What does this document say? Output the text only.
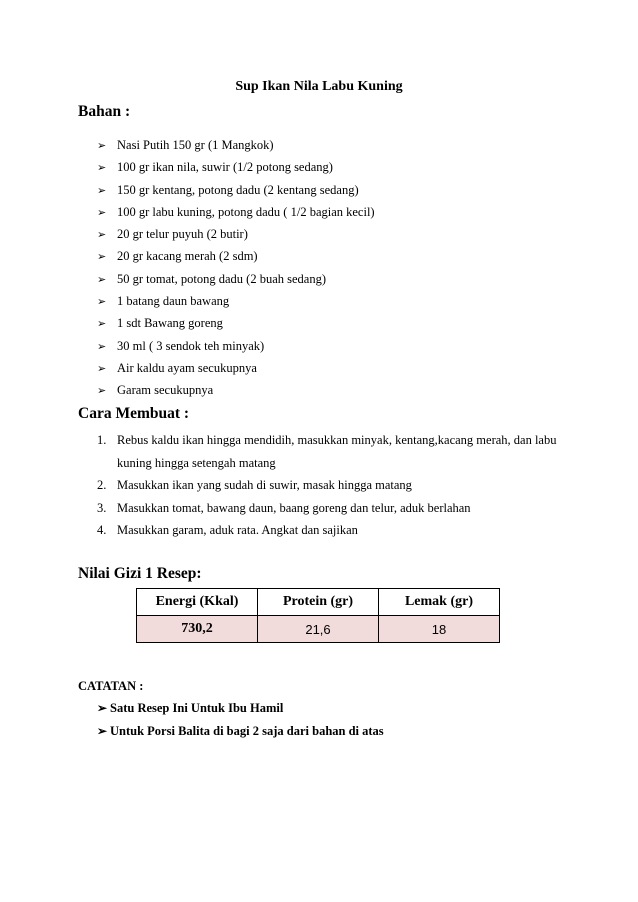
Sup Ikan Nila Labu Kuning
Bahan :
➢ Nasi Putih 150 gr (1 Mangkok)
➢ 100 gr ikan nila, suwir (1/2 potong sedang)
➢ 150 gr kentang, potong dadu (2 kentang sedang)
➢ 100 gr labu kuning, potong dadu ( 1/2 bagian kecil)
➢ 20 gr telur puyuh (2 butir)
➢ 20 gr kacang merah (2 sdm)
➢ 50 gr tomat, potong dadu (2 buah sedang)
➢ 1 batang daun bawang
➢ 1 sdt Bawang goreng
➢ 30 ml ( 3 sendok teh minyak)
➢ Air kaldu ayam secukupnya
➢ Garam secukupnya
Cara Membuat :
1. Rebus kaldu ikan hingga mendidih, masukkan minyak, kentang,kacang merah, dan labu kuning hingga setengah matang
2. Masukkan ikan yang sudah di suwir, masak hingga matang
3. Masukkan tomat, bawang daun, baang goreng dan telur, aduk berlahan
4. Masukkan garam, aduk rata. Angkat dan sajikan
Nilai Gizi 1 Resep:
Energi (Kkal)	Protein (gr)	Lemak (gr)
730,2	21,6	18
CATATAN :
➢ Satu Resep Ini Untuk Ibu Hamil
➢ Untuk Porsi Balita di bagi 2 saja dari bahan di atas
